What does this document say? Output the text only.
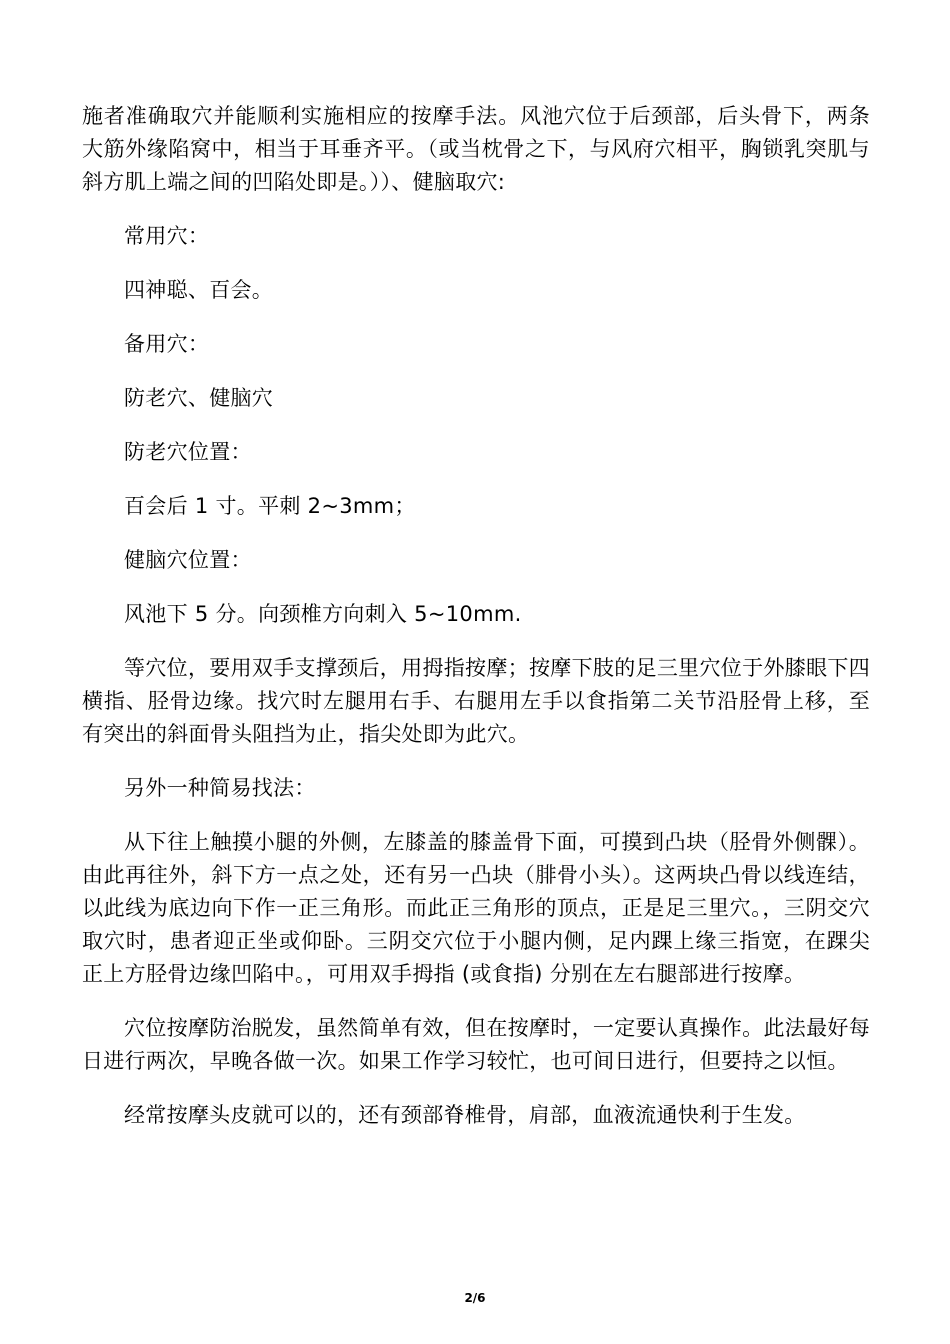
施者准确取穴并能顺利实施相应的按摩手法。风池穴位于后颈部，后头骨下，两条大筋外缘陷窝中，相当于耳垂齐平。（或当枕骨之下，与风府穴相平，胸锁乳突肌与斜方肌上端之间的凹陷处即是。））、健脑取穴:

常用穴：

四神聪、百会。

备用穴：

防老穴、健脑穴

防老穴位置：

百会后 1 寸。平刺 2~3mm；

健脑穴位置：

风池下 5 分。向颈椎方向刺入 5~10mm.

等穴位，要用双手支撑颈后，用拇指按摩；按摩下肢的足三里穴位于外膝眼下四横指、胫骨边缘。找穴时左腿用右手、右腿用左手以食指第二关节沿胫骨上移，至有突出的斜面骨头阻挡为止，指尖处即为此穴。

另外一种简易找法：

从下往上触摸小腿的外侧，左膝盖的膝盖骨下面，可摸到凸块（胫骨外侧髁）。由此再往外，斜下方一点之处，还有另一凸块（腓骨小头）。这两块凸骨以线连结，以此线为底边向下作一正三角形。而此正三角形的顶点，正是足三里穴。，三阴交穴取穴时，患者迎正坐或仰卧。三阴交穴位于小腿内侧，足内踝上缘三指宽，在踝尖正上方胫骨边缘凹陷中。，可用双手拇指 (或食指) 分别在左右腿部进行按摩。

穴位按摩防治脱发，虽然简单有效，但在按摩时，一定要认真操作。此法最好每日进行两次，早晚各做一次。如果工作学习较忙，也可间日进行，但要持之以恒。

经常按摩头皮就可以的，还有颈部脊椎骨，肩部，血液流通快利于生发。

2/6
